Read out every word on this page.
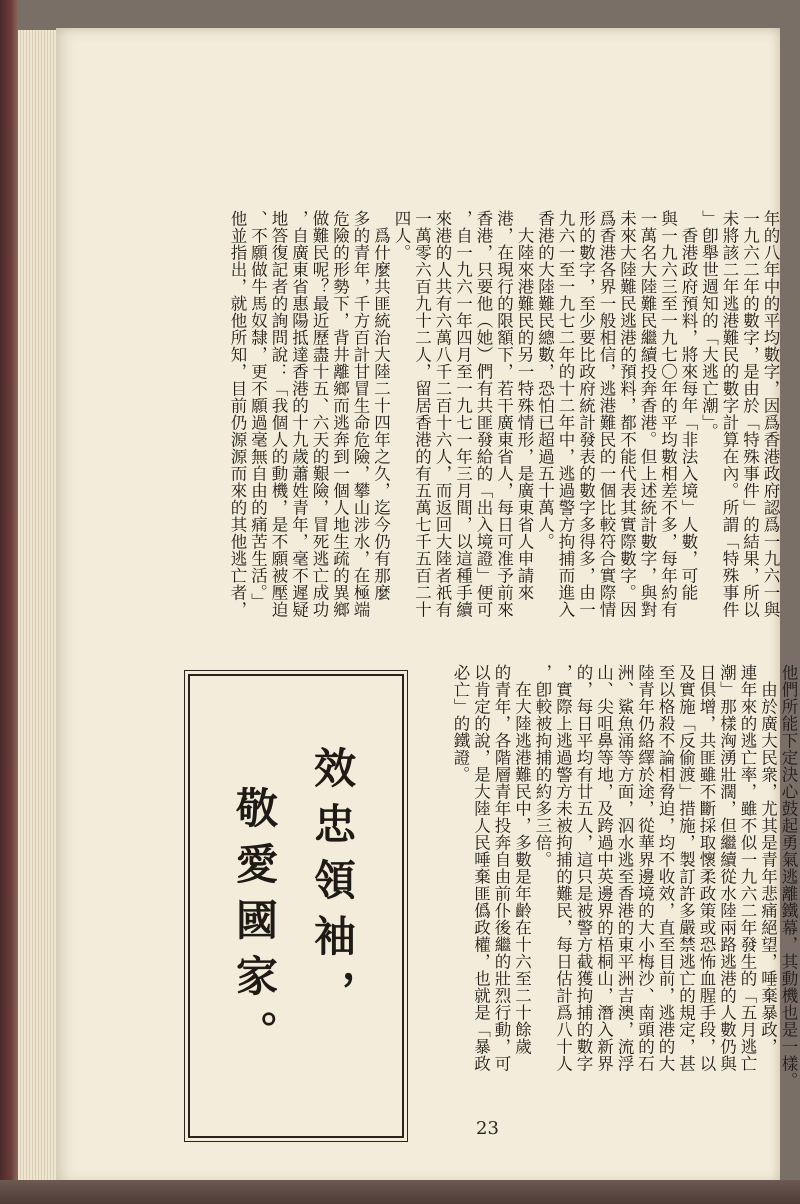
年的八年中的平均數字，因爲香港政府認爲一九六一與
一九六二年的數字，是由於「特殊事件」的結果，所以
未將該二年逃港難民的數字計算在內。所謂「特殊事件
」卽舉世週知的「大逃亡潮」。
　香港政府預料，將來每年「非法入境」人數，可能
與一九六三至一九七〇年的平均數相差不多，每年約有
一萬名大陸難民繼續投奔香港。但上述統計數字，與對
未來大陸難民逃港的預料，都不能代表其實際數字。因
爲香港各界一般相信，逃港難民的一個比較符合實際情
形的數字，至少要比政府統計發表的數字多得多，由一
九六一至一九七二年的十二年中，逃過警方拘捕而進入
香港的大陸難民總數，恐怕已超過五十萬人。
　大陸來港難民的另一特殊情形，是廣東省人申請來
港，在現行的限額下，若干廣東省人，每日可准予前來
香港，只要他（她）們有共匪發給的「出入境證」便可
，自一九六一年四月至一九七一年三月間，以這種手續
來港的人共有六萬八千二百十六人，而返回大陸者祇有
一萬零六百九十二人，留居香港的有五萬七千五百二十
四人。
　爲什麼共匪統治大陸二十四年之久，迄今仍有那麼
多的青年，千方百計甘冒生命危險，攀山涉水，在極端
危險的形勢下，背井離鄉而逃奔到一個人地生疏的異鄉
做難民呢？最近歷盡十五、六天的艱險，冒死逃亡成功
，自廣東省惠陽抵達香港的十九歲蕭姓青年，毫不遲疑
地答復記者的詢問說：「我個人的動機，是不願被壓迫
、不願做牛馬奴隸，更不願過毫無自由的痛苦生活。」
他並指出，就他所知，目前仍源源而來的其他逃亡者，
他們所能下定決心鼓起勇氣逃離鐵幕，其動機也是一樣。
　由於廣大民衆，尤其是青年悲痛絕望，唾棄暴政，
連年來的逃亡率，雖不似一九六二年發生的「五月逃亡
潮」那樣洶湧壯濶，但繼續從水陸兩路逃港的人數仍與
日俱增，共匪雖不斷採取懷柔政策或恐怖血腥手段，以
及實施「反偷渡」措施，製訂許多嚴禁逃亡的規定，甚
至以格殺不論相脅迫，均不收效，直至目前，逃港的大
陸青年仍絡繹於途，從華界邊境的大小梅沙、南頭的石
洲、鯊魚涌等方面，泅水逃至香港的東平洲吉澳，流浮
山、尖咀鼻等地，及跨過中英邊界的梧桐山，潛入新界
的，每日平均有廿五人，這只是被警方截獲拘捕的數字
，實際上逃過警方未被拘捕的難民，每日估計爲八十人
，卽較被拘捕的約多三倍。
　在大陸逃港難民中，多數是年齡在十六至二十餘歲
的青年，各階層青年投奔自由前仆後繼的壯烈行動，可
以肯定的說，是大陸人民唾棄匪僞政權，也就是「暴政
必亡」的鐵證。
效忠領袖，
敬愛國家。
23
